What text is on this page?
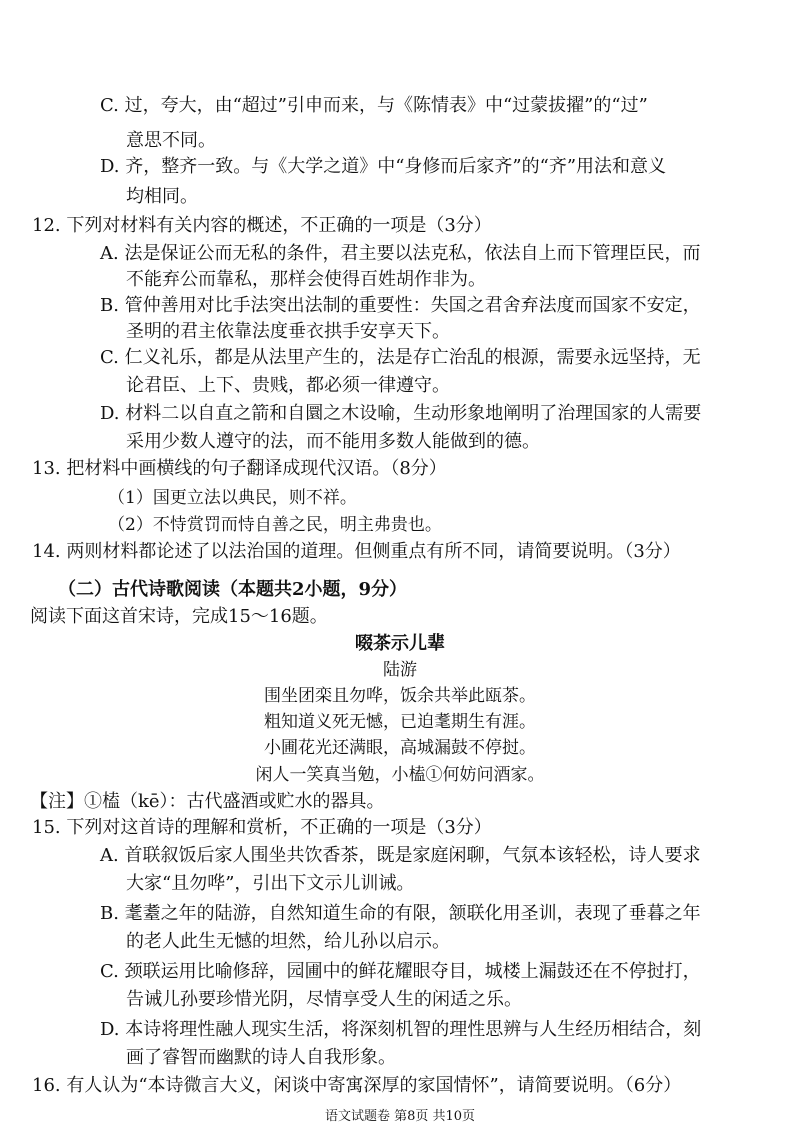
C. 过，夸大，由“超过”引申而来，与《陈情表》中“过蒙拔擢”的“过”
意思不同。
D. 齐，整齐一致。与《大学之道》中“身修而后家齐”的“齐”用法和意义
均相同。
12. 下列对材料有关内容的概述，不正确的一项是（3分）
A. 法是保证公而无私的条件，君主要以法克私，依法自上而下管理臣民，而
不能弃公而靠私，那样会使得百姓胡作非为。
B. 管仲善用对比手法突出法制的重要性：失国之君舍弃法度而国家不安定，
圣明的君主依靠法度垂衣拱手安享天下。
C. 仁义礼乐，都是从法里产生的，法是存亡治乱的根源，需要永远坚持，无
论君臣、上下、贵贱，都必须一律遵守。
D. 材料二以自直之箭和自圜之木设喻，生动形象地阐明了治理国家的人需要
采用少数人遵守的法，而不能用多数人能做到的德。
13. 把材料中画横线的句子翻译成现代汉语。（8分）
（1）国更立法以典民，则不祥。
（2）不恃赏罚而恃自善之民，明主弗贵也。
14. 两则材料都论述了以法治国的道理。但侧重点有所不同，请简要说明。（3分）
（二）古代诗歌阅读（本题共2小题，9分）
阅读下面这首宋诗，完成15～16题。
啜茶示儿辈
陆游
围坐团栾且勿哗，饭余共举此瓯茶。
粗知道义死无憾，已迫耄期生有涯。
小圃花光还满眼，高城漏鼓不停挝。
闲人一笑真当勉，小榼①何妨问酒家。
【注】①榼（kē）：古代盛酒或贮水的器具。
15. 下列对这首诗的理解和赏析，不正确的一项是（3分）
A. 首联叙饭后家人围坐共饮香茶，既是家庭闲聊，气氛本该轻松，诗人要求
大家“且勿哗”，引出下文示儿训诫。
B. 耄耋之年的陆游，自然知道生命的有限，颔联化用圣训，表现了垂暮之年
的老人此生无憾的坦然，给儿孙以启示。
C. 颈联运用比喻修辞，园圃中的鲜花耀眼夺目，城楼上漏鼓还在不停挝打，
告诫儿孙要珍惜光阴，尽情享受人生的闲适之乐。
D. 本诗将理性融人现实生活，将深刻机智的理性思辨与人生经历相结合，刻
画了睿智而幽默的诗人自我形象。
16. 有人认为“本诗微言大义，闲谈中寄寓深厚的家国情怀”，请简要说明。（6分）
语文试题卷 第8页 共10页
